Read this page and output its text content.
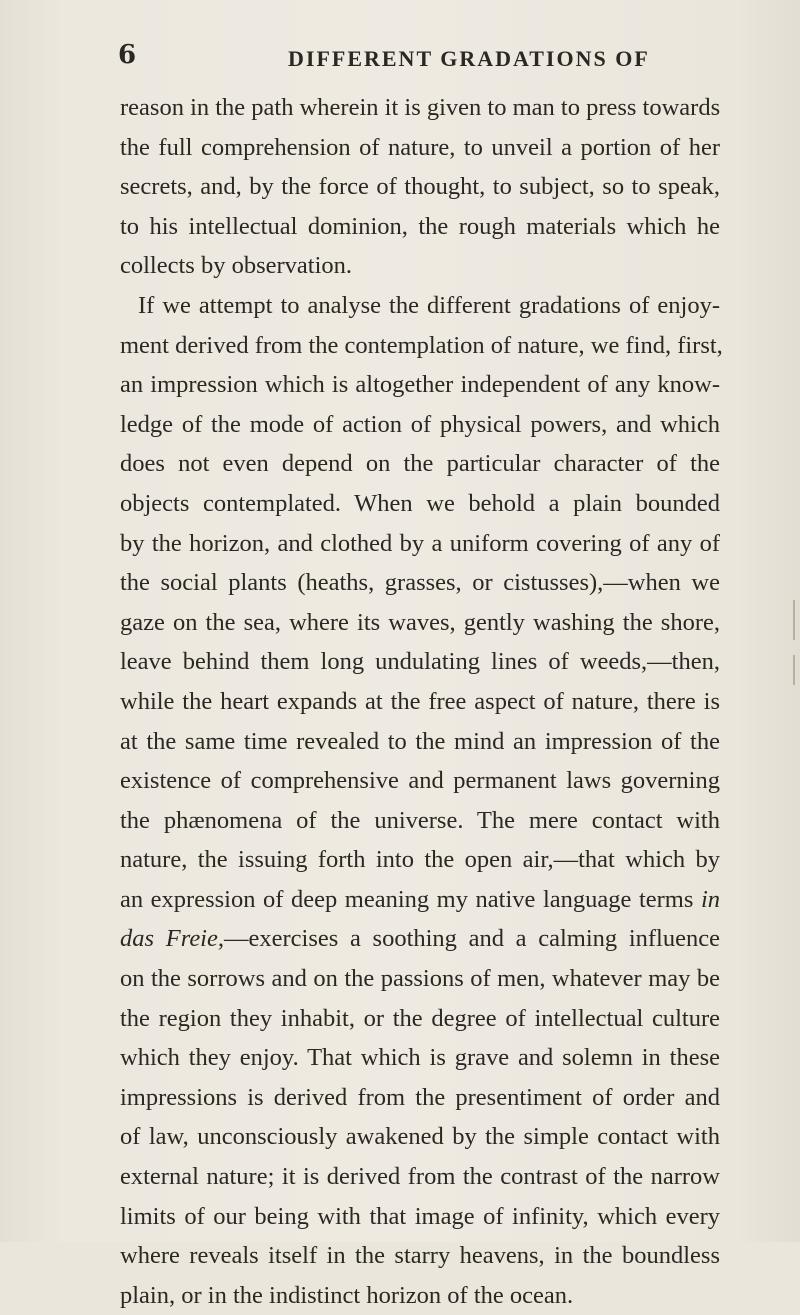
6	DIFFERENT GRADATIONS OF
reason in the path wherein it is given to man to press towards
the full comprehension of nature, to unveil a portion of her
secrets, and, by the force of thought, to subject, so to speak,
to his intellectual dominion, the rough materials which he
collects by observation.
If we attempt to analyse the different gradations of enjoy-
ment derived from the contemplation of nature, we find, first,
an impression which is altogether independent of any know-
ledge of the mode of action of physical powers, and which
does not even depend on the particular character of the
objects contemplated. When we behold a plain bounded
by the horizon, and clothed by a uniform covering of any of
the social plants (heaths, grasses, or cistusses),—when we
gaze on the sea, where its waves, gently washing the shore,
leave behind them long undulating lines of weeds,—then,
while the heart expands at the free aspect of nature, there is
at the same time revealed to the mind an impression of the
existence of comprehensive and permanent laws governing
the phænomena of the universe. The mere contact with
nature, the issuing forth into the open air,—that which by
an expression of deep meaning my native language terms in
das Freie,—exercises a soothing and a calming influence
on the sorrows and on the passions of men, whatever may be
the region they inhabit, or the degree of intellectual culture
which they enjoy. That which is grave and solemn in these
impressions is derived from the presentiment of order and
of law, unconsciously awakened by the simple contact with
external nature; it is derived from the contrast of the narrow
limits of our being with that image of infinity, which every
where reveals itself in the starry heavens, in the boundless
plain, or in the indistinct horizon of the ocean.
